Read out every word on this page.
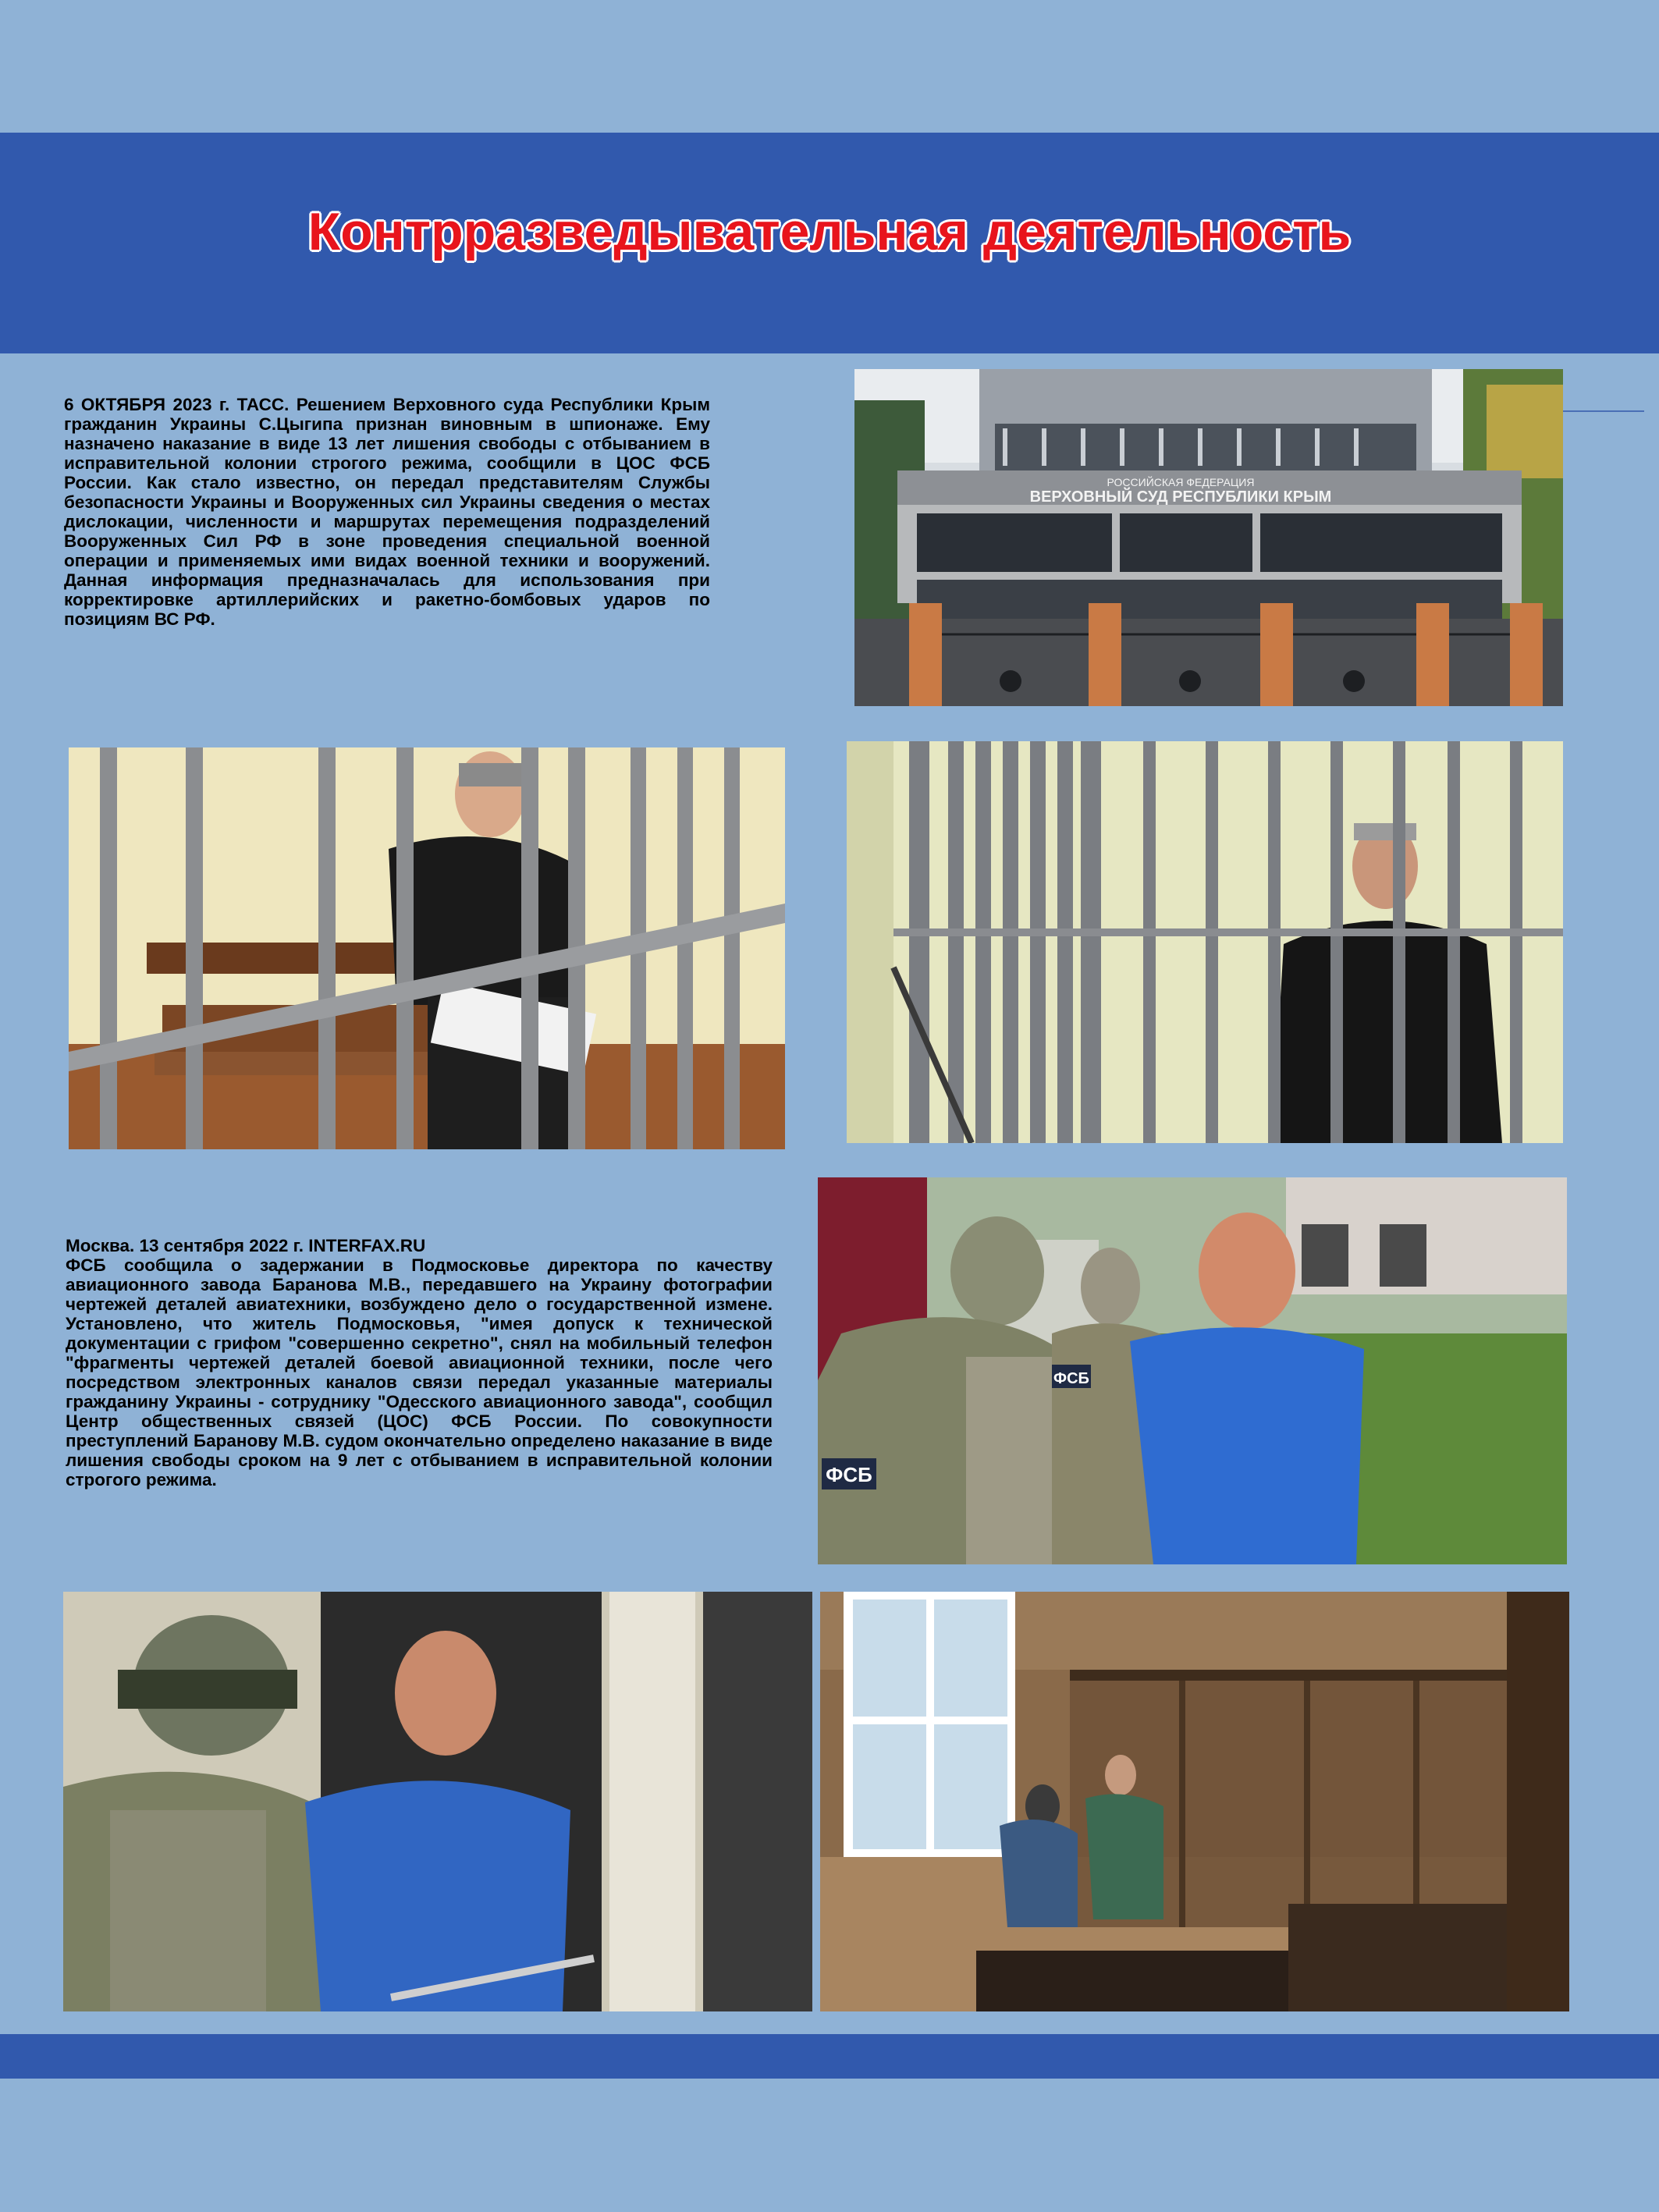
Контрразведывательная деятельность
6 ОКТЯБРЯ 2023 г. ТАСС. Решением Верховного суда Республики Крым гражданин Украины С.Цыгипа признан виновным в шпионаже. Ему назначено наказание в виде 13 лет лишения свободы с отбыванием в исправительной колонии строгого режима, сообщили в ЦОС ФСБ России. Как стало известно, он передал представителям Службы безопасности Украины и Вооруженных сил Украины сведения о местах дислокации, численности и маршрутах перемещения подразделений Вооруженных Сил РФ в зоне проведения специальной военной операции и применяемых ими видах военной техники и вооружений. Данная информация предназначалась для использования при корректировке артиллерийских и ракетно-бомбовых ударов по позициям ВС РФ.
РОССИЙСКАЯ ФЕДЕРАЦИЯ
ВЕРХОВНЫЙ СУД РЕСПУБЛИКИ КРЫМ
Москва. 13 сентября 2022 г. INTERFAX.RU
ФСБ сообщила о задержании в Подмосковье директора по качеству авиационного завода Баранова М.В., передавшего на Украину фотографии чертежей деталей авиатехники, возбуждено дело о государственной измене. Установлено, что житель Подмосковья, "имея допуск к технической документации с грифом "совершенно секретно", снял на мобильный телефон "фрагменты чертежей деталей боевой авиационной техники, после чего посредством электронных каналов связи передал указанные материалы гражданину Украины - сотруднику "Одесского авиационного завода", сообщил Центр общественных связей (ЦОС) ФСБ России. По совокупности преступлений Баранову М.В. судом окончательно определено наказание в виде лишения свободы сроком на 9 лет с отбыванием в исправительной колонии строгого режима.	ФСБ
ФСБ
